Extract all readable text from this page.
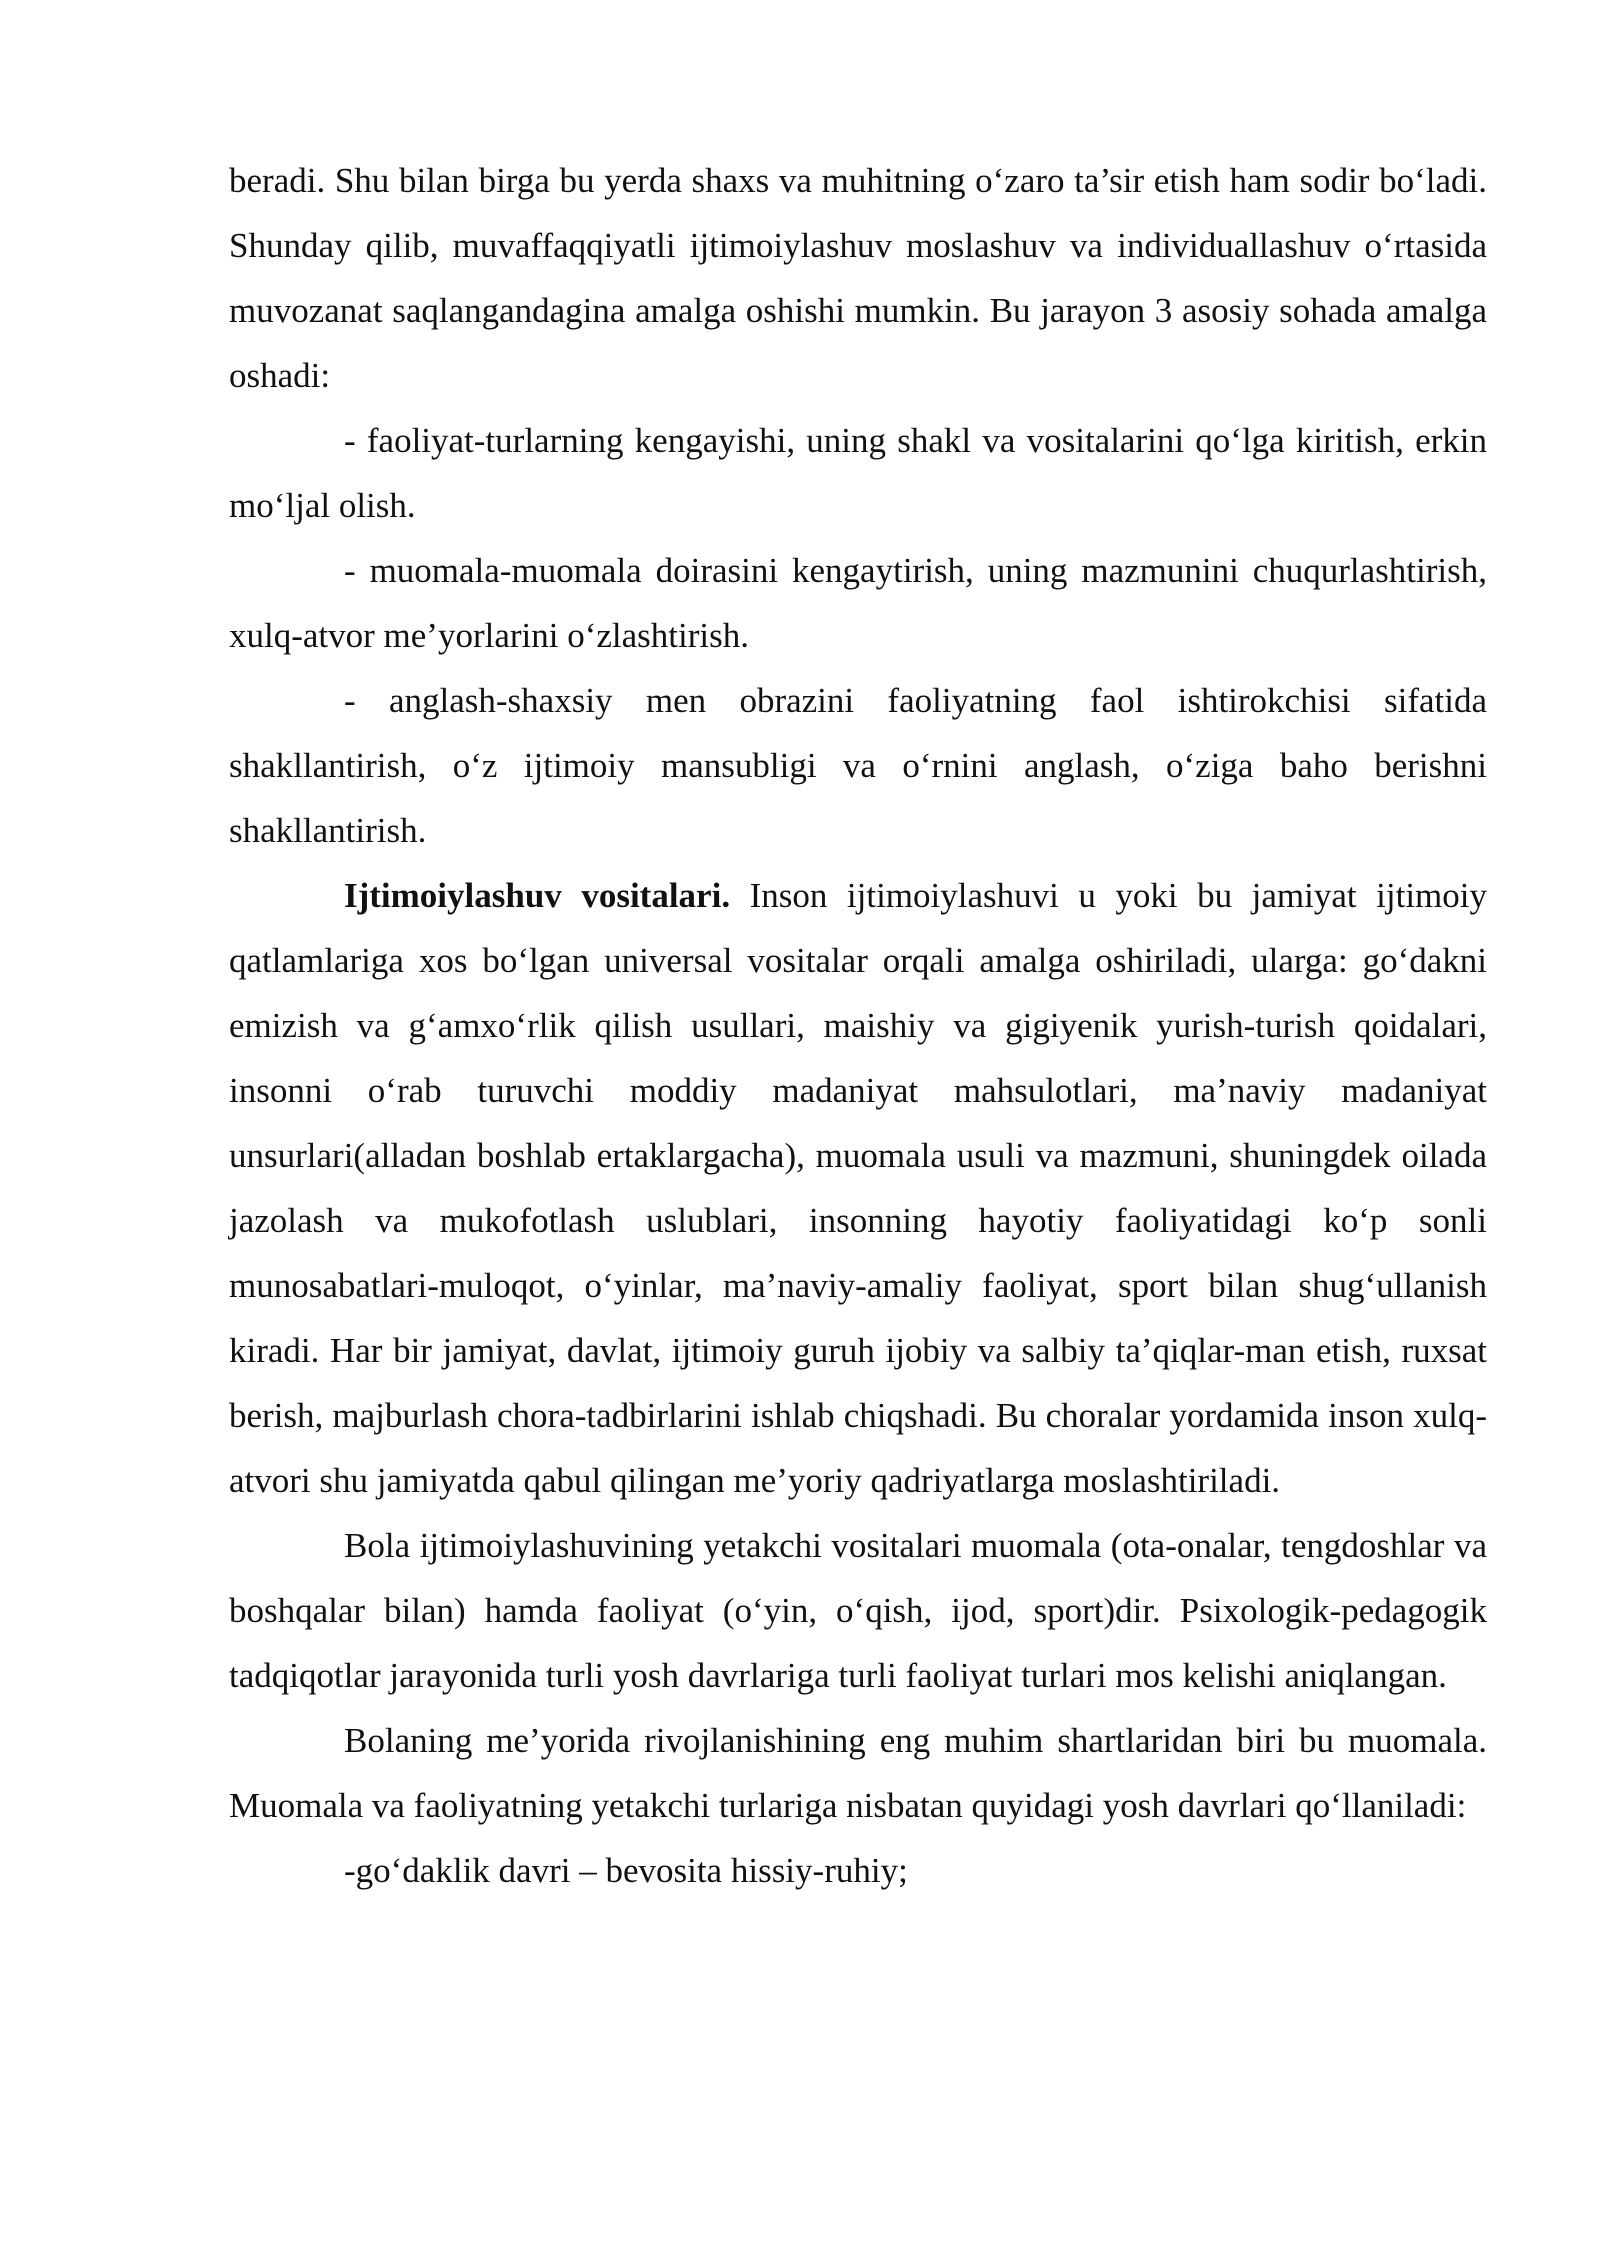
beradi. Shu bilan birga bu yerda shaxs va muhitning o‘zaro ta’sir etish ham sodir bo‘ladi. Shunday qilib, muvaffaqqiyatli ijtimoiylashuv moslashuv va individuallashuv o‘rtasida muvozanat saqlangandagina amalga oshishi mumkin. Bu jarayon 3 asosiy sohada amalga oshadi:

- faoliyat-turlarning kengayishi, uning shakl va vositalarini qo‘lga kiritish, erkin mo‘ljal olish.

- muomala-muomala doirasini kengaytirish, uning mazmunini chuqurlashtirish, xulq-atvor me’yorlarini o‘zlashtirish.

- anglash-shaxsiy men obrazini faoliyatning faol ishtirokchisi sifatida shakllantirish, o‘z ijtimoiy mansubligi va o‘rnini anglash, o‘ziga baho berishni shakllantirish.

Ijtimoiylashuv vositalari. Inson ijtimoiylashuvi u yoki bu jamiyat ijtimoiy qatlamlariga xos bo‘lgan universal vositalar orqali amalga oshiriladi, ularga: go‘dakni emizish va g‘amxo‘rlik qilish usullari, maishiy va gigiyenik yurish-turish qoidalari, insonni o‘rab turuvchi moddiy madaniyat mahsulotlari, ma’naviy madaniyat unsurlari(alladan boshlab ertaklargacha), muomala usuli va mazmuni, shuningdek oilada jazolash va mukofotlash uslublari, insonning hayotiy faoliyatidagi ko‘p sonli munosabatlari-muloqot, o‘yinlar, ma’naviy-amaliy faoliyat, sport bilan shug‘ullanish kiradi. Har bir jamiyat, davlat, ijtimoiy guruh ijobiy va salbiy ta’qiqlar-man etish, ruxsat berish, majburlash chora-tadbirlarini ishlab chiqshadi. Bu choralar yordamida inson xulq-atvori shu jamiyatda qabul qilingan me’yoriy qadriyatlarga moslashtiriladi.

Bola ijtimoiylashuvining yetakchi vositalari muomala (ota-onalar, tengdoshlar va boshqalar bilan) hamda faoliyat (o‘yin, o‘qish, ijod, sport)dir. Psixologik-pedagogik tadqiqotlar jarayonida turli yosh davrlariga turli faoliyat turlari mos kelishi aniqlangan.

Bolaning me’yorida rivojlanishining eng muhim shartlaridan biri bu muomala. Muomala va faoliyatning yetakchi turlariga nisbatan quyidagi yosh davrlari qo‘llaniladi:

-go‘daklik davri – bevosita hissiy-ruhiy;
